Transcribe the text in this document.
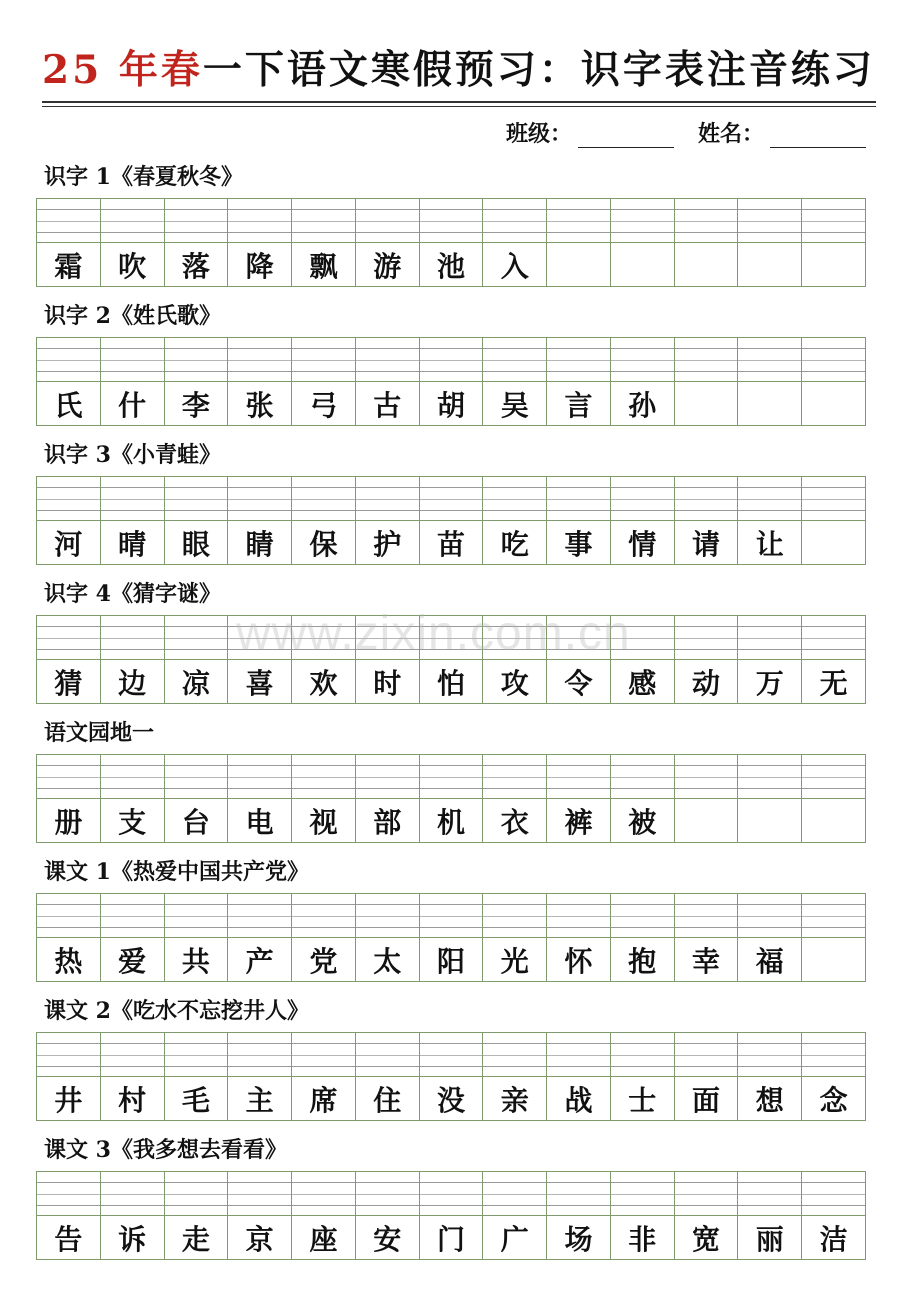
25 年春一下语文寒假预习：识字表注音练习
班级：	姓名：
识字 1《春夏秋冬》
霜	吹	落	降	飘	游	池	入
识字 2《姓氏歌》
氏	什	李	张	弓	古	胡	吴	言	孙
识字 3《小青蛙》
河	晴	眼	睛	保	护	苗	吃	事	情	请	让
识字 4《猜字谜》
猜	边	凉	喜	欢	时	怕	攻	令	感	动	万	无
语文园地一
册	支	台	电	视	部	机	衣	裤	被
课文 1《热爱中国共产党》
热	爱	共	产	党	太	阳	光	怀	抱	幸	福
课文 2《吃水不忘挖井人》
井	村	毛	主	席	住	没	亲	战	士	面	想	念
课文 3《我多想去看看》
告	诉	走	京	座	安	门	广	场	非	宽	丽	洁
www.zixin.com.cn
